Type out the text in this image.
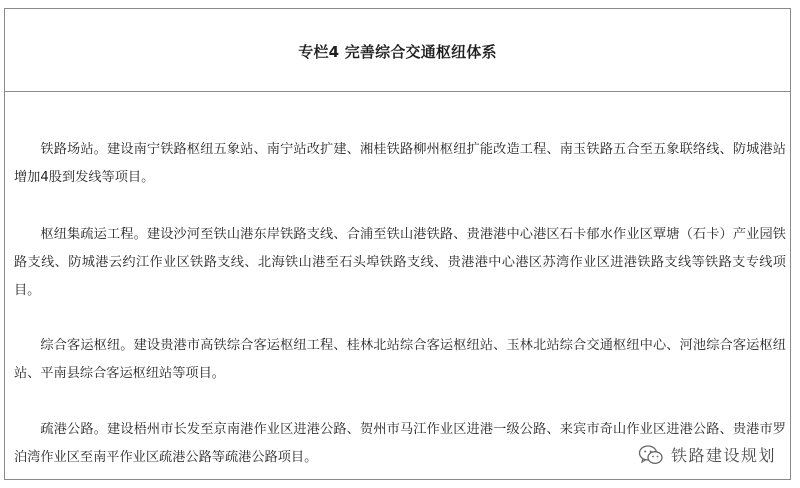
专栏4 完善综合交通枢纽体系

铁路场站。建设南宁铁路枢纽五象站、南宁站改扩建、湘桂铁路柳州枢纽扩能改造工程、南玉铁路五合至五象联络线、防城港站增加4股到发线等项目。

枢纽集疏运工程。建设沙河至铁山港东岸铁路支线、合浦至铁山港铁路、贵港港中心港区石卡郁水作业区覃塘（石卡）产业园铁路支线、防城港云约江作业区铁路支线、北海铁山港至石头埠铁路支线、贵港港中心港区苏湾作业区进港铁路支线等铁路支专线项目。

综合客运枢纽。建设贵港市高铁综合客运枢纽工程、桂林北站综合客运枢纽站、玉林北站综合交通枢纽中心、河池综合客运枢纽站、平南县综合客运枢纽站等项目。

疏港公路。建设梧州市长发至京南港作业区进港公路、贺州市马江作业区进港一级公路、来宾市奇山作业区进港公路、贵港市罗泊湾作业区至南平作业区疏港公路等疏港公路项目。	铁路建设规划
